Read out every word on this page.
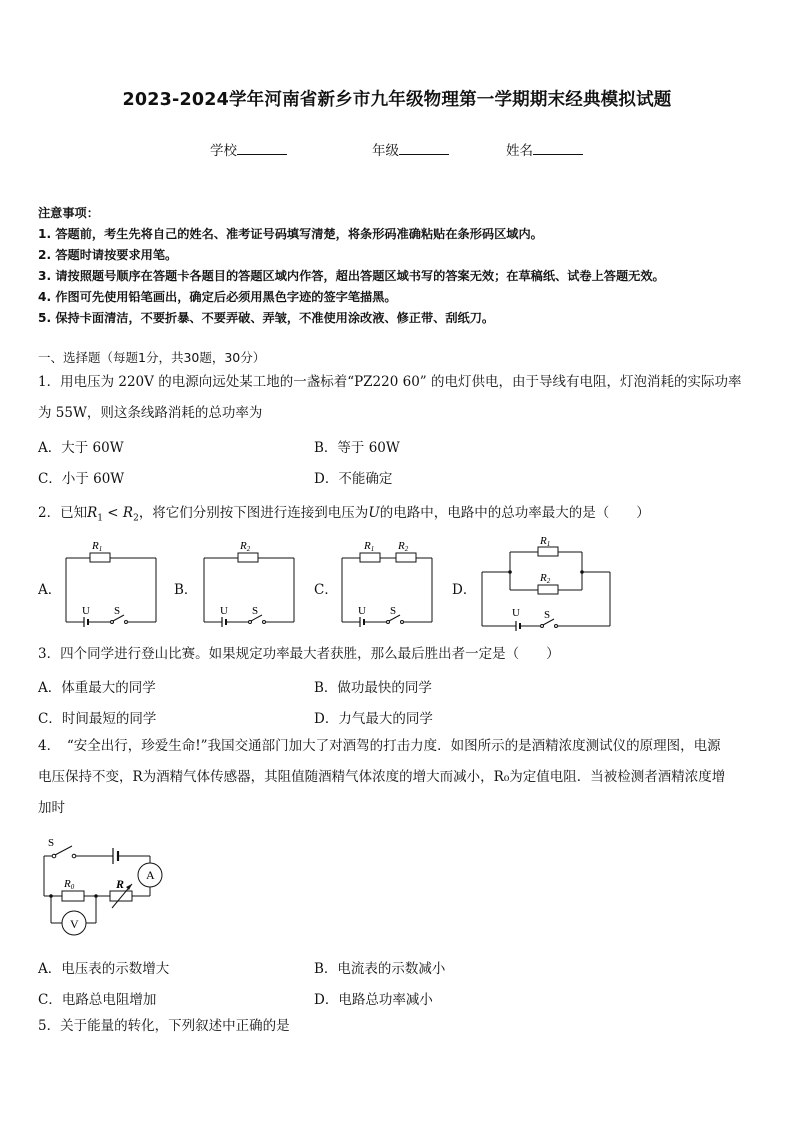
2023-2024学年河南省新乡市九年级物理第一学期期末经典模拟试题
学校	年级	姓名
注意事项：
1. 答题前，考生先将自己的姓名、准考证号码填写清楚，将条形码准确粘贴在条形码区域内。
2. 答题时请按要求用笔。
3. 请按照题号顺序在答题卡各题目的答题区域内作答，超出答题区域书写的答案无效；在草稿纸、试卷上答题无效。
4. 作图可先使用铅笔画出，确定后必须用黑色字迹的签字笔描黑。
5. 保持卡面清洁，不要折暴、不要弄破、弄皱，不准使用涂改液、修正带、刮纸刀。
一、选择题（每题1分，共30题，30分）
1．用电压为 220V 的电源向远处某工地的一盏标着“PZ220 60” 的电灯供电，由于导线有电阻，灯泡消耗的实际功率
为 55W，则这条线路消耗的总功率为
A．大于 60W	B．等于 60W
C．小于 60W	D．不能确定
2．已知$R_1 < R_2$，将它们分别按下图进行连接到电压为U的电路中，电路中的总功率最大的是（　　）
A．	B．	C．	D．
R1
U S
R2
U S
R1 R2
U S
R1
R2
U S
3．四个同学进行登山比赛。如果规定功率最大者获胜，那么最后胜出者一定是（　　）
A．体重最大的同学	B．做功最快的同学
C．时间最短的同学	D．力气最大的同学
4．　“安全出行，珍爱生命!”我国交通部门加大了对酒驾的打击力度．如图所示的是酒精浓度测试仪的原理图，电源
电压保持不变，R为酒精气体传感器，其阻值随酒精气体浓度的增大而减小，R₀为定值电阻．当被检测者酒精浓度增
加时
S
A
V
R0	R
A．电压表的示数增大	B．电流表的示数减小
C．电路总电阻增加	D．电路总功率减小
5．关于能量的转化，下列叙述中正确的是
